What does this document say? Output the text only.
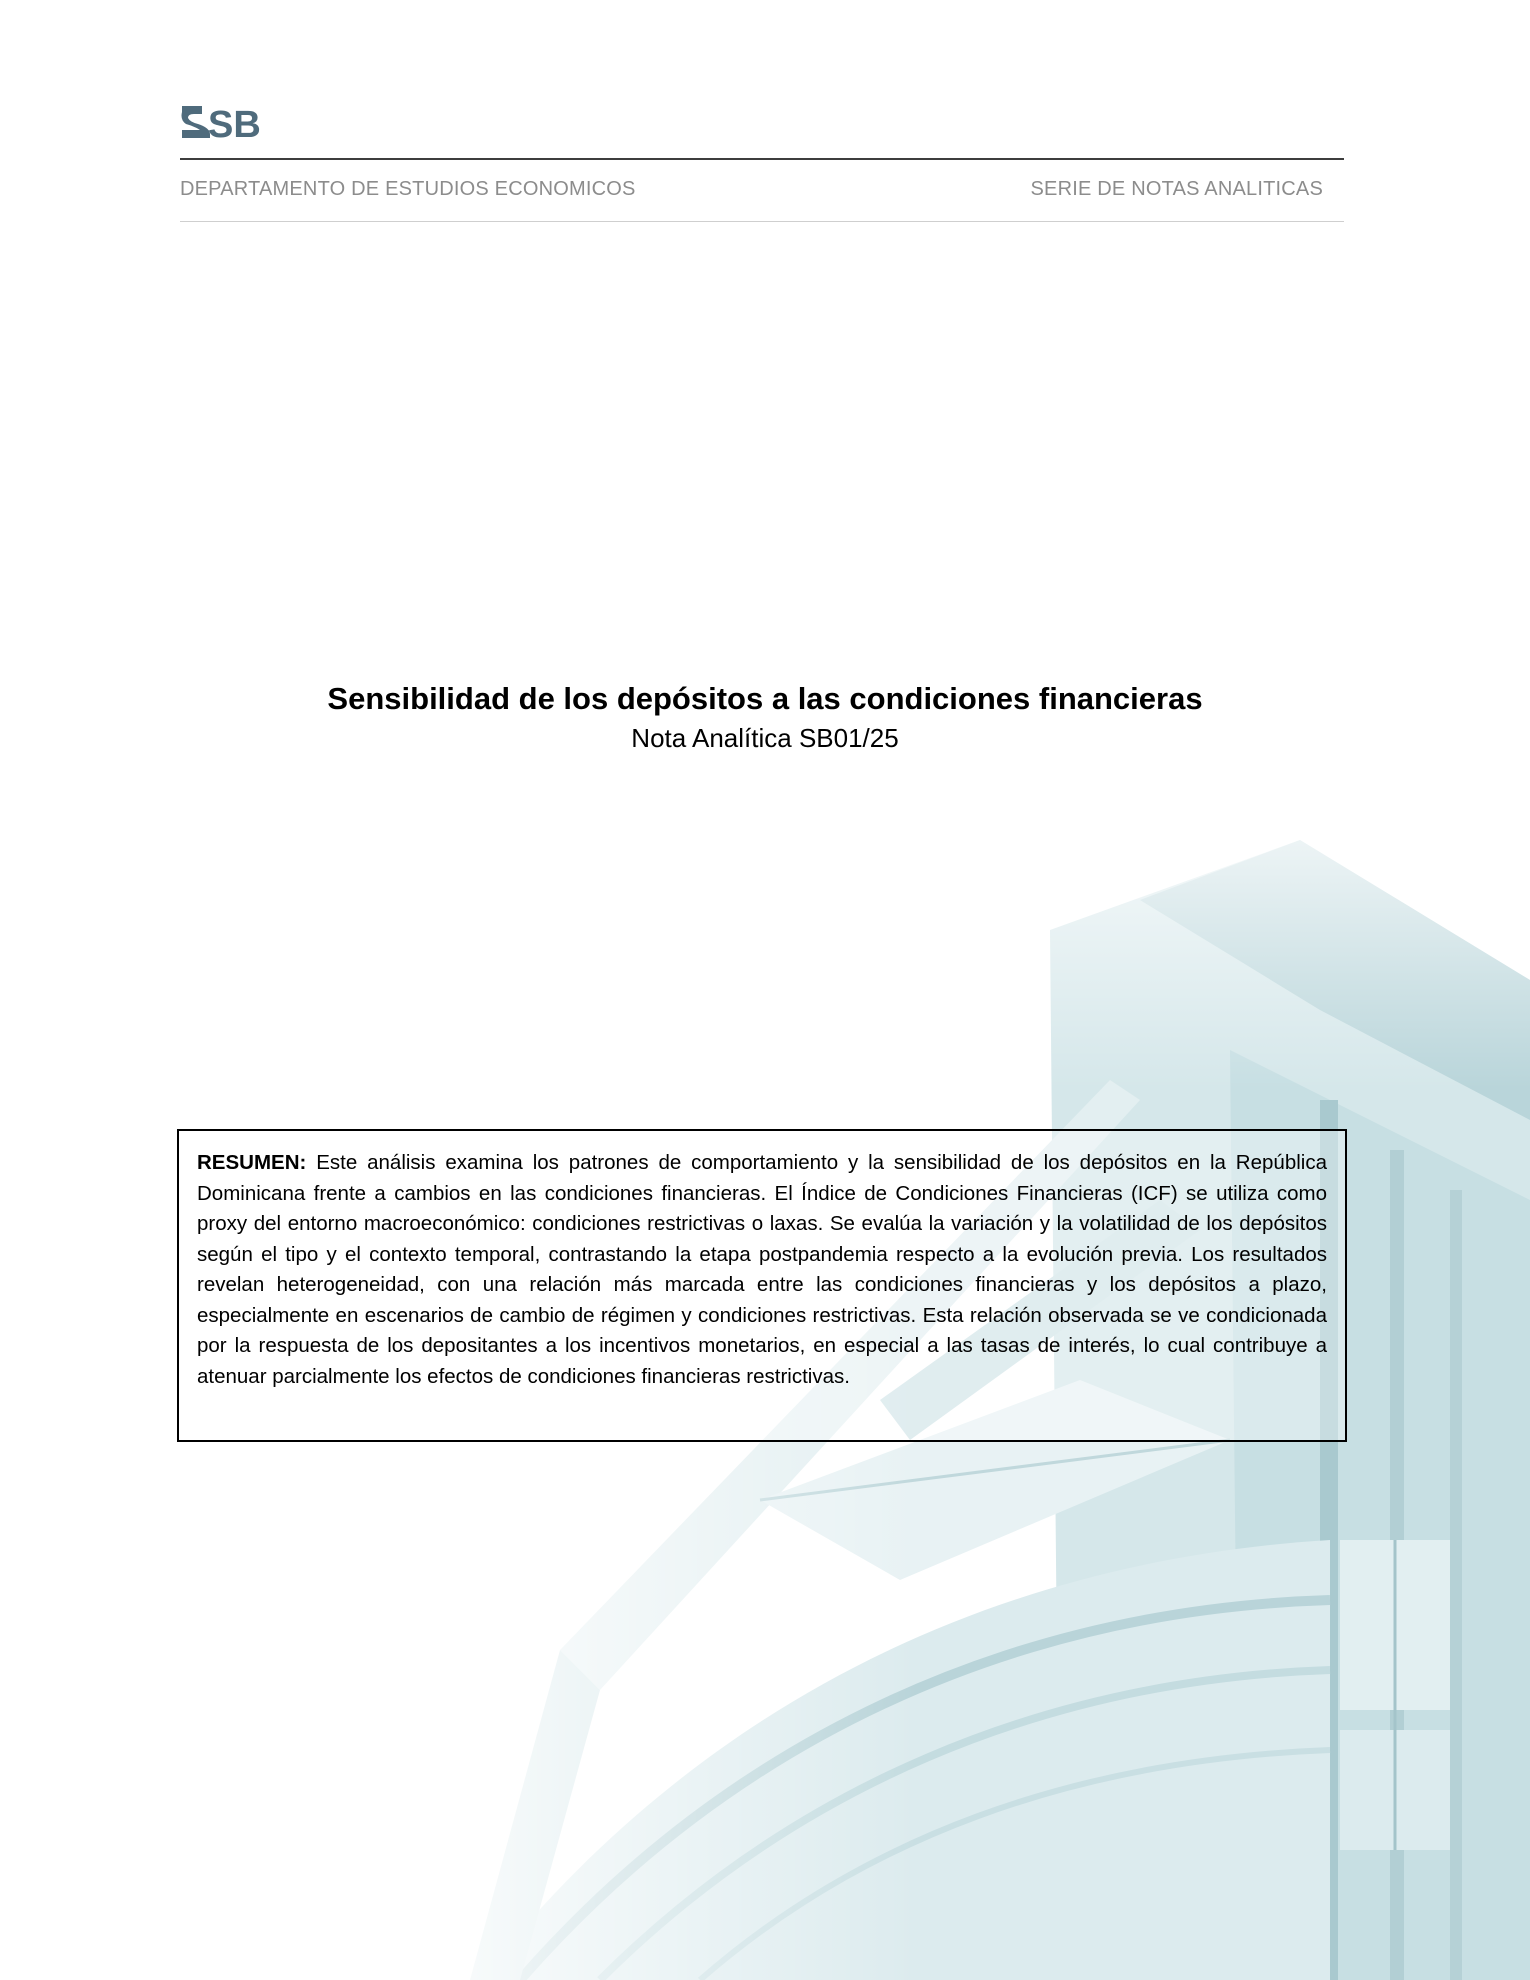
SB
DEPARTAMENTO DE ESTUDIOS ECONOMICOS	SERIE DE NOTAS ANALITICAS
Sensibilidad de los depósitos a las condiciones financieras
Nota Analítica SB01/25

RESUMEN: Este análisis examina los patrones de comportamiento y la sensibilidad de los depósitos en la República Dominicana frente a cambios en las condiciones financieras. El Índice de Condiciones Financieras (ICF) se utiliza como proxy del entorno macroeconómico: condiciones restrictivas o laxas. Se evalúa la variación y la volatilidad de los depósitos según el tipo y el contexto temporal, contrastando la etapa postpandemia respecto a la evolución previa. Los resultados revelan heterogeneidad, con una relación más marcada entre las condiciones financieras y los depósitos a plazo, especialmente en escenarios de cambio de régimen y condiciones restrictivas. Esta relación observada se ve condicionada por la respuesta de los depositantes a los incentivos monetarios, en especial a las tasas de interés, lo cual contribuye a atenuar parcialmente los efectos de condiciones financieras restrictivas.
